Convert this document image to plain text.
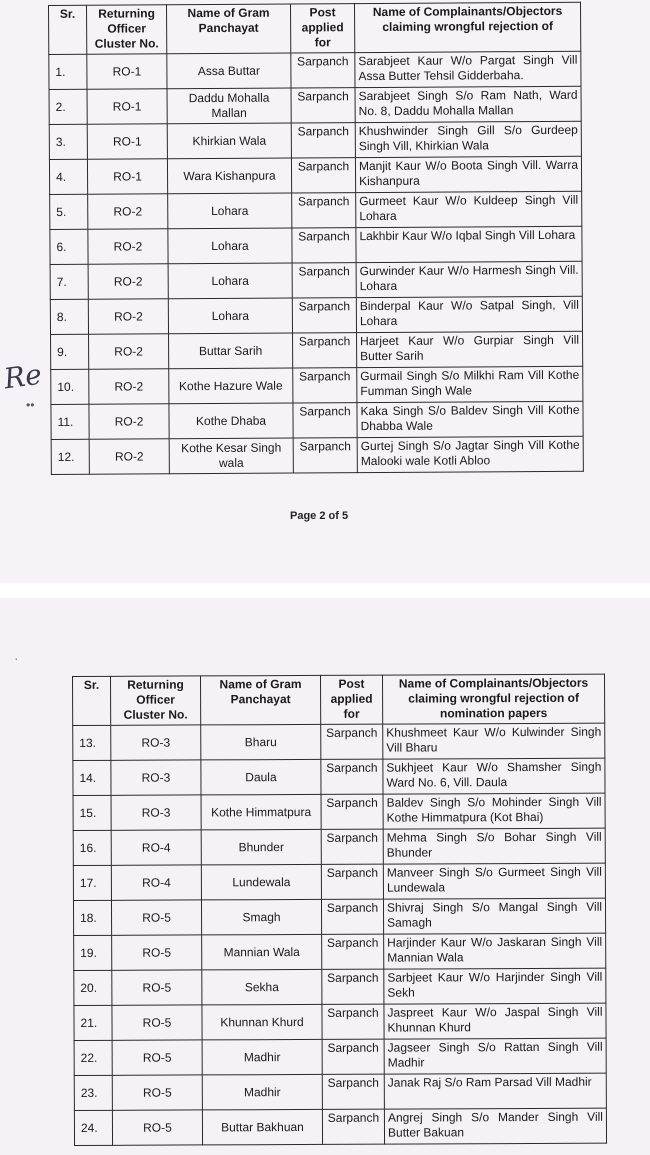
Re
••
·
Sr.	Returning Officer Cluster No.	Name of Gram Panchayat	Post applied for	Name of Complainants/Objectors claiming wrongful rejection of
1.	RO-1	Assa Buttar	Sarpanch	Sarabjeet Kaur W/o Pargat Singh Vill Assa Butter Tehsil Gidderbaha.
2.	RO-1	Daddu Mohalla Mallan	Sarpanch	Sarabjeet Singh S/o Ram Nath, Ward No. 8, Daddu Mohalla Mallan
3.	RO-1	Khirkian Wala	Sarpanch	Khushwinder Singh Gill S/o Gurdeep Singh Vill, Khirkian Wala
4.	RO-1	Wara Kishanpura	Sarpanch	Manjit Kaur W/o Boota Singh Vill. Warra Kishanpura
5.	RO-2	Lohara	Sarpanch	Gurmeet Kaur W/o Kuldeep Singh Vill Lohara
6.	RO-2	Lohara	Sarpanch	Lakhbir Kaur W/o Iqbal Singh Vill Lohara
7.	RO-2	Lohara	Sarpanch	Gurwinder Kaur W/o Harmesh Singh Vill. Lohara
8.	RO-2	Lohara	Sarpanch	Binderpal Kaur W/o Satpal Singh, Vill Lohara
9.	RO-2	Buttar Sarih	Sarpanch	Harjeet Kaur W/o Gurpiar Singh Vill Butter Sarih
10.	RO-2	Kothe Hazure Wale	Sarpanch	Gurmail Singh S/o Milkhi Ram Vill Kothe Fumman Singh Wale
11.	RO-2	Kothe Dhaba	Sarpanch	Kaka Singh S/o Baldev Singh Vill Kothe Dhabba Wale
12.	RO-2	Kothe Kesar Singh wala	Sarpanch	Gurtej Singh S/o Jagtar Singh Vill Kothe Malooki wale Kotli Abloo
Page 2 of 5
Sr.	Returning Officer Cluster No.	Name of Gram Panchayat	Post applied for	Name of Complainants/Objectors claiming wrongful rejection of nomination papers
13.	RO-3	Bharu	Sarpanch	Khushmeet Kaur W/o Kulwinder Singh Vill Bharu
14.	RO-3	Daula	Sarpanch	Sukhjeet Kaur W/o Shamsher Singh Ward No. 6, Vill. Daula
15.	RO-3	Kothe Himmatpura	Sarpanch	Baldev Singh S/o Mohinder Singh Vill Kothe Himmatpura (Kot Bhai)
16.	RO-4	Bhunder	Sarpanch	Mehma Singh S/o Bohar Singh Vill Bhunder
17.	RO-4	Lundewala	Sarpanch	Manveer Singh S/o Gurmeet Singh Vill Lundewala
18.	RO-5	Smagh	Sarpanch	Shivraj Singh S/o Mangal Singh Vill Samagh
19.	RO-5	Mannian Wala	Sarpanch	Harjinder Kaur W/o Jaskaran Singh Vill Mannian Wala
20.	RO-5	Sekha	Sarpanch	Sarbjeet Kaur W/o Harjinder Singh Vill Sekh
21.	RO-5	Khunnan Khurd	Sarpanch	Jaspreet Kaur W/o Jaspal Singh Vill Khunnan Khurd
22.	RO-5	Madhir	Sarpanch	Jagseer Singh S/o Rattan Singh Vill Madhir
23.	RO-5	Madhir	Sarpanch	Janak Raj S/o Ram Parsad Vill Madhir
24.	RO-5	Buttar Bakhuan	Sarpanch	Angrej Singh S/o Mander Singh Vill Butter Bakuan
